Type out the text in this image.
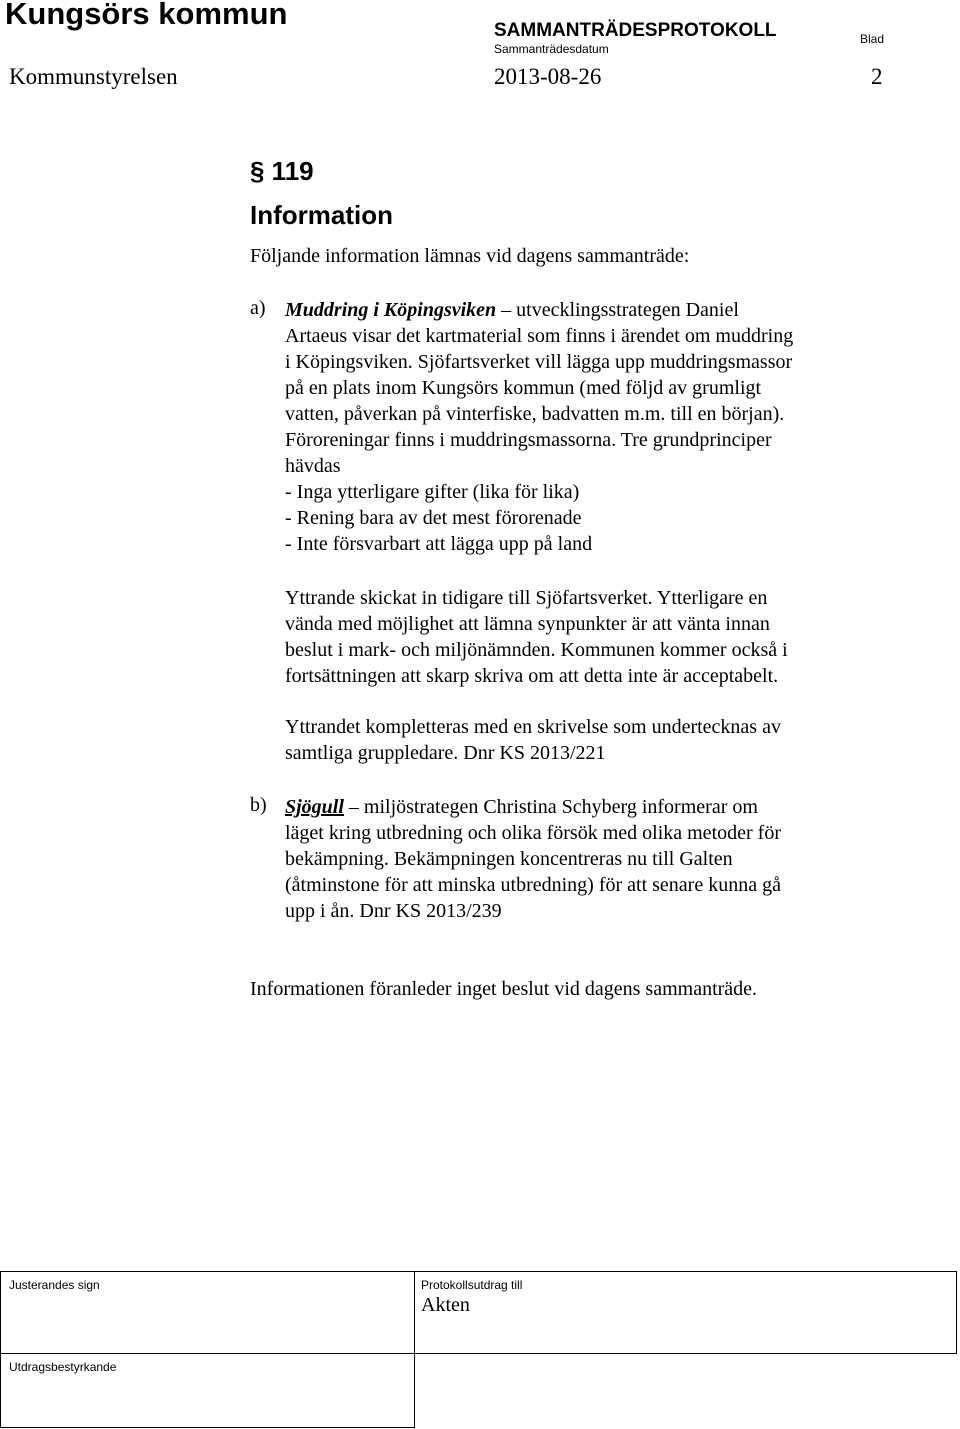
Kungsörs kommun	SAMMANTRÄDESPROTOKOLL
Sammanträdesdatum
Blad
Kommunstyrelsen	2013-08-26	2
§ 119
Information
Följande information lämnas vid dagens sammanträde:
a) Muddring i Köpingsviken – utvecklingsstrategen Daniel
Artaeus visar det kartmaterial som finns i ärendet om muddring
i Köpingsviken. Sjöfartsverket vill lägga upp muddringsmassor
på en plats inom Kungsörs kommun (med följd av grumligt
vatten, påverkan på vinterfiske, badvatten m.m. till en början).
Föroreningar finns i muddringsmassorna. Tre grundprinciper
hävdas
- Inga ytterligare gifter (lika för lika)
- Rening bara av det mest förorenade
- Inte försvarbart att lägga upp på land
Yttrande skickat in tidigare till Sjöfartsverket. Ytterligare en
vända med möjlighet att lämna synpunkter är att vänta innan
beslut i mark- och miljönämnden. Kommunen kommer också i
fortsättningen att skarp skriva om att detta inte är acceptabelt.
Yttrandet kompletteras med en skrivelse som undertecknas av
samtliga gruppledare. Dnr KS 2013/221
b) Sjögull – miljöstrategen Christina Schyberg informerar om
läget kring utbredning och olika försök med olika metoder för
bekämpning. Bekämpningen koncentreras nu till Galten
(åtminstone för att minska utbredning) för att senare kunna gå
upp i ån. Dnr KS 2013/239
Informationen föranleder inget beslut vid dagens sammanträde.
Justerandes sign	Protokollsutdrag till
Akten
Utdragsbestyrkande
